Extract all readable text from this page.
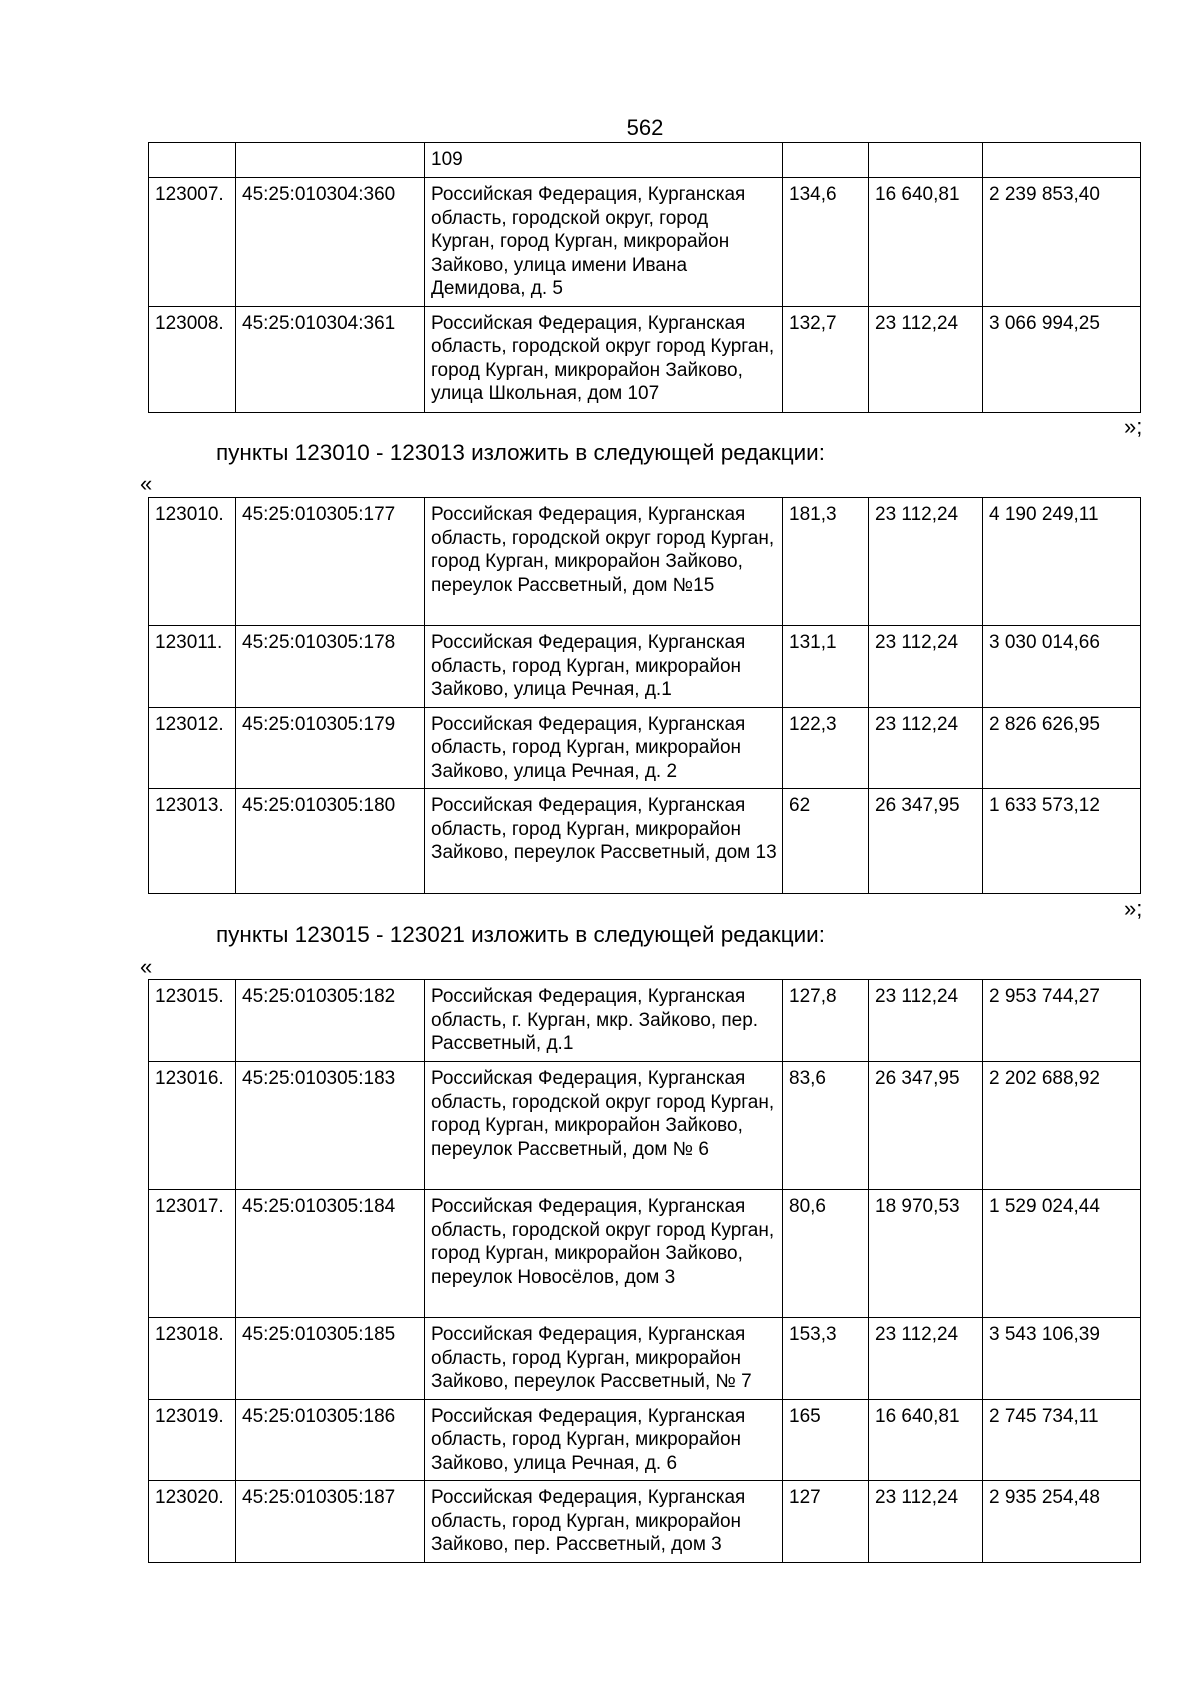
562
		109			
123007.	45:25:010304:360	Российская Федерация, Курганская область, городской округ, город Курган, город Курган, микрорайон Зайково, улица имени Ивана Демидова, д. 5	134,6	16 640,81	2 239 853,40
123008.	45:25:010304:361	Российская Федерация, Курганская область, городской округ город Курган, город Курган, микрорайон Зайково, улица Школьная, дом 107	132,7	23 112,24	3 066 994,25
»;
пункты 123010 - 123013 изложить в следующей редакции:
«
123010.	45:25:010305:177	Российская Федерация, Курганская область, городской округ город Курган, город Курган, микрорайон Зайково, переулок Рассветный, дом №15	181,3	23 112,24	4 190 249,11
123011.	45:25:010305:178	Российская Федерация, Курганская область, город Курган, микрорайон Зайково, улица Речная, д.1	131,1	23 112,24	3 030 014,66
123012.	45:25:010305:179	Российская Федерация, Курганская область, город Курган, микрорайон Зайково, улица Речная, д. 2	122,3	23 112,24	2 826 626,95
123013.	45:25:010305:180	Российская Федерация, Курганская область, город Курган, микрорайон Зайково, переулок Рассветный, дом 13	62	26 347,95	1 633 573,12
»;
пункты 123015 - 123021 изложить в следующей редакции:
«
123015.	45:25:010305:182	Российская Федерация, Курганская область, г. Курган, мкр. Зайково, пер. Рассветный, д.1	127,8	23 112,24	2 953 744,27
123016.	45:25:010305:183	Российская Федерация, Курганская область, городской округ город Курган, город Курган, микрорайон Зайково, переулок Рассветный, дом № 6	83,6	26 347,95	2 202 688,92
123017.	45:25:010305:184	Российская Федерация, Курганская область, городской округ город Курган, город Курган, микрорайон Зайково, переулок Новосёлов, дом 3	80,6	18 970,53	1 529 024,44
123018.	45:25:010305:185	Российская Федерация, Курганская область, город Курган, микрорайон Зайково, переулок Рассветный, № 7	153,3	23 112,24	3 543 106,39
123019.	45:25:010305:186	Российская Федерация, Курганская область, город Курган, микрорайон Зайково, улица Речная, д. 6	165	16 640,81	2 745 734,11
123020.	45:25:010305:187	Российская Федерация, Курганская область, город Курган, микрорайон Зайково, пер. Рассветный, дом 3	127	23 112,24	2 935 254,48
